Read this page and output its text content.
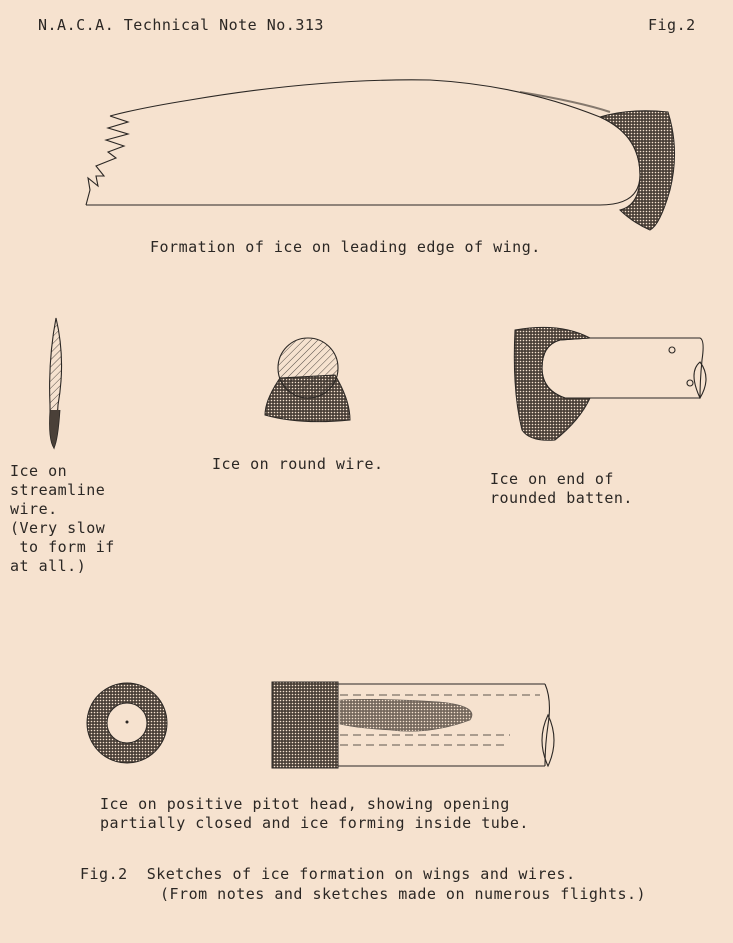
N.A.C.A. Technical Note No.313	Fig.2
Formation of ice on leading edge of wing.
Ice on
streamline
wire.
(Very slow
to form if
at all.)
Ice on round wire.
Ice on end of
rounded batten.
Ice on positive pitot head, showing opening
partially closed and ice forming inside tube.
Fig.2  Sketches of ice formation on wings and wires.
(From notes and sketches made on numerous flights.)
